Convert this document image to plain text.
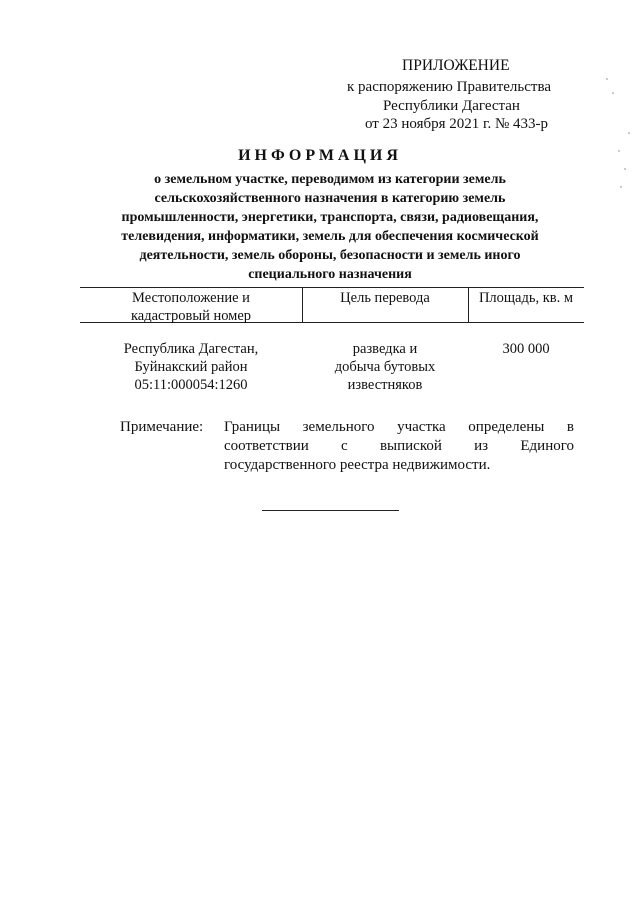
ПРИЛОЖЕНИЕ
к распоряжению Правительства
Республики Дагестан
от 23 ноября 2021 г. № 433-р
ИНФОРМАЦИЯ
о земельном участке, переводимом из категории земель
сельскохозяйственного назначения в категорию земель
промышленности, энергетики, транспорта, связи, радиовещания,
телевидения, информатики, земель для обеспечения космической
деятельности, земель обороны, безопасности и земель иного
специального назначения
Местоположение и
кадастровый номер
Цель перевода	Площадь, кв. м
Республика Дагестан,
Буйнакский район
05:11:000054:1260
разведка и
добыча бутовых
известняков
300 000
Примечание: Границы земельного участка определены в
соответствии с выпиской из Единого
государственного реестра недвижимости.
